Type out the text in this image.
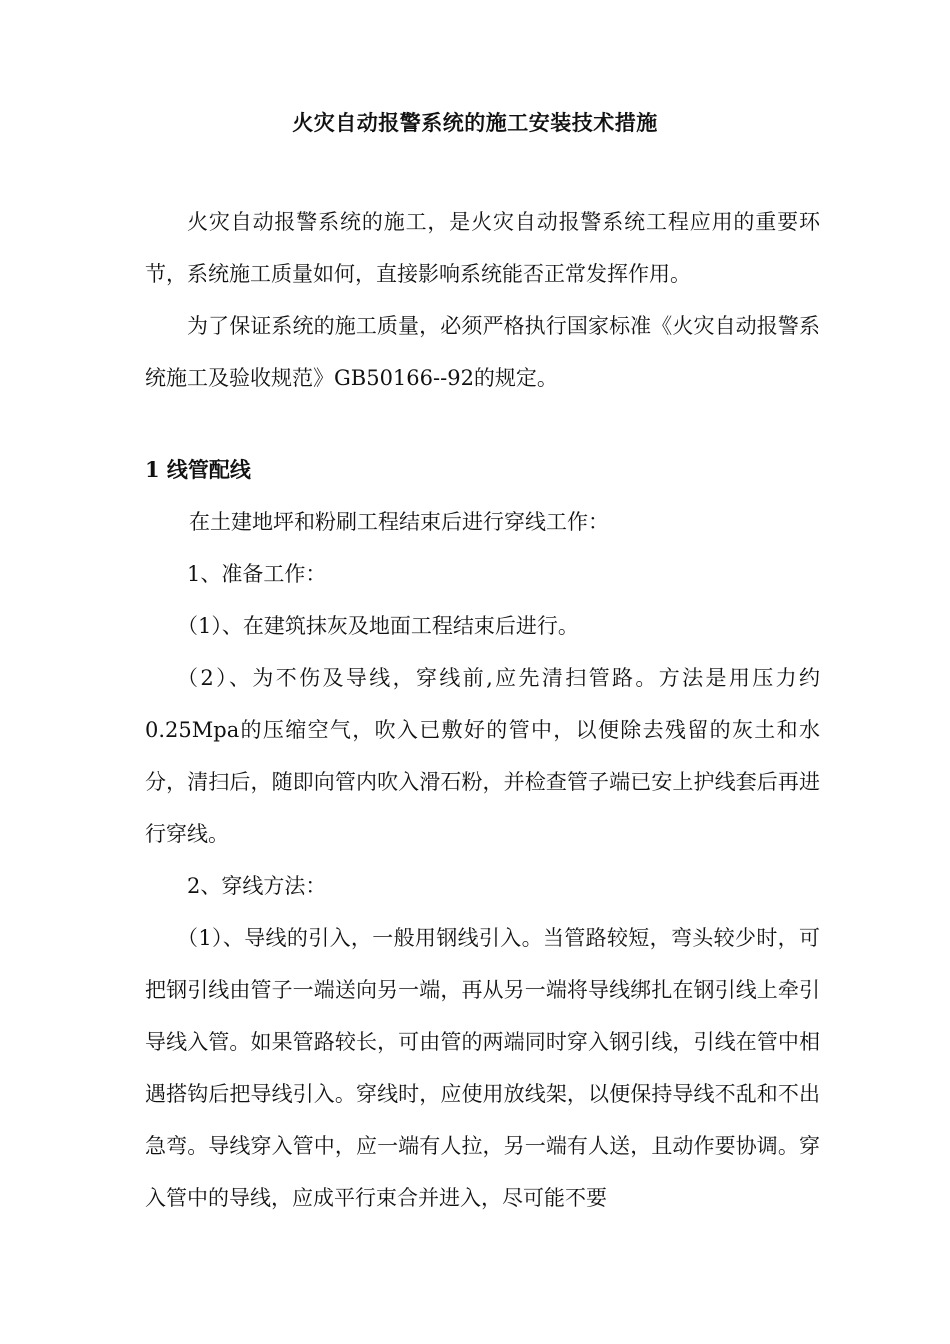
火灾自动报警系统的施工安装技术措施

火灾自动报警系统的施工，是火灾自动报警系统工程应用的重要环节，系统施工质量如何，直接影响系统能否正常发挥作用。

为了保证系统的施工质量，必须严格执行国家标准《火灾自动报警系统施工及验收规范》GB50166--92的规定。

1 线管配线

在土建地坪和粉刷工程结束后进行穿线工作：

1、准备工作：

（1）、在建筑抹灰及地面工程结束后进行。

（2）、为不伤及导线，穿线前,应先清扫管路。方法是用压力约0.25Mpa的压缩空气，吹入已敷好的管中，以便除去残留的灰土和水分，清扫后，随即向管内吹入滑石粉，并检查管子端已安上护线套后再进行穿线。

2、穿线方法：

（1）、导线的引入，一般用钢线引入。当管路较短，弯头较少时，可把钢引线由管子一端送向另一端，再从另一端将导线绑扎在钢引线上牵引导线入管。如果管路较长，可由管的两端同时穿入钢引线，引线在管中相遇搭钩后把导线引入。穿线时，应使用放线架，以便保持导线不乱和不出急弯。导线穿入管中，应一端有人拉，另一端有人送，且动作要协调。穿入管中的导线，应成平行束合并进入，尽可能不要
